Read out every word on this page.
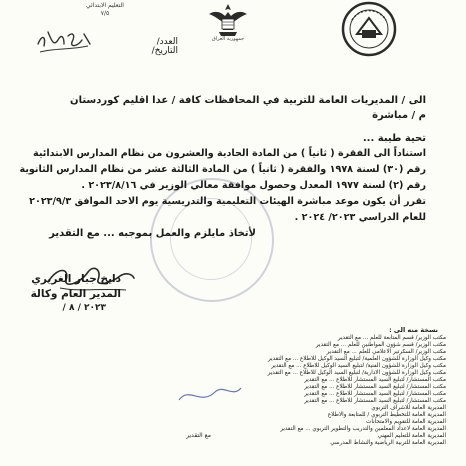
التعليم الابتدائي
٧/٥
جمهورية العراق
العدد/
التاريخ/
الى / المديريات العامة للتربية في المحافظات كافة / عدا اقليم كوردستان
م / مباشرة
تحية طيبة ...
استناداً الى الفقرة ( ثانياً ) من المادة الحادية والعشرون من نظام المدارس الابتدائية
رقم (٣٠) لسنة ١٩٧٨ والفقرة ( ثانياً ) من المادة الثالثة عشر من نظام المدارس الثانوية
رقم (٢) لسنة ١٩٧٧ المعدل وحصول موافقة معالي الوزير في ٢٠٢٣/٨/١٦ .
تقرر أن يكون موعد مباشرة الهيئات التعليمية والتدريسية يوم الاحد الموافق ٢٠٢٣/٩/٣
للعام الدراسي ٢٠٢٣/ ٢٠٢٤ .
لأتخاذ مايلزم والعمل بموجبه ... مع التقدير
دايخ جبار الغريري
المدير العام وكالة
٢٠٢٣ / ٨ /
نسخة منه الى :
مكتب الوزير/ قسم المتابعة للعلم ... مع التقدير
مكتب الوزير/ قسم شؤون المواطنين للعلم ... مع التقدير
مكتب الوزير/ السكرتير الاعلامي للعلم ... مع التقدير
مكتب وكيل الوزارة للشؤون العلمية/ لتبليغ السيد الوكيل للاطلاع ... مع التقدير
مكتب وكيل الوزارة للشؤون الفنية/ لتبليغ السيد الوكيل للاطلاع ... مع التقدير
مكتب وكيل الوزارة للشؤون الادارية/ لتبليغ السيد الوكيل للاطلاع ... مع التقدير
مكتب المستشار/ لتبليغ السيد المستشار للاطلاع ... مع التقدير
مكتب المستشار/ لتبليغ السيد المستشار للاطلاع ... مع التقدير
مكتب المستشار/ لتبليغ السيد المستشار للاطلاع ... مع التقدير
مكتب المستشار/ لتبليغ السيد المستشار للاطلاع ... مع التقدير
المديرية العامة للاشراف التربوي
المديرية العامة للتخطيط التربوي / للمتابعة والاطلاع
المديرية العامة للتقويم والامتحانات
المديرية العامة لاعداد المعلمين والتدريب والتطوير التربوي ... مع التقدير
المديرية العامة للتعليم المهني
المديرية العامة للتربية الرياضية والنشاط المدرسي
مع التقدير
